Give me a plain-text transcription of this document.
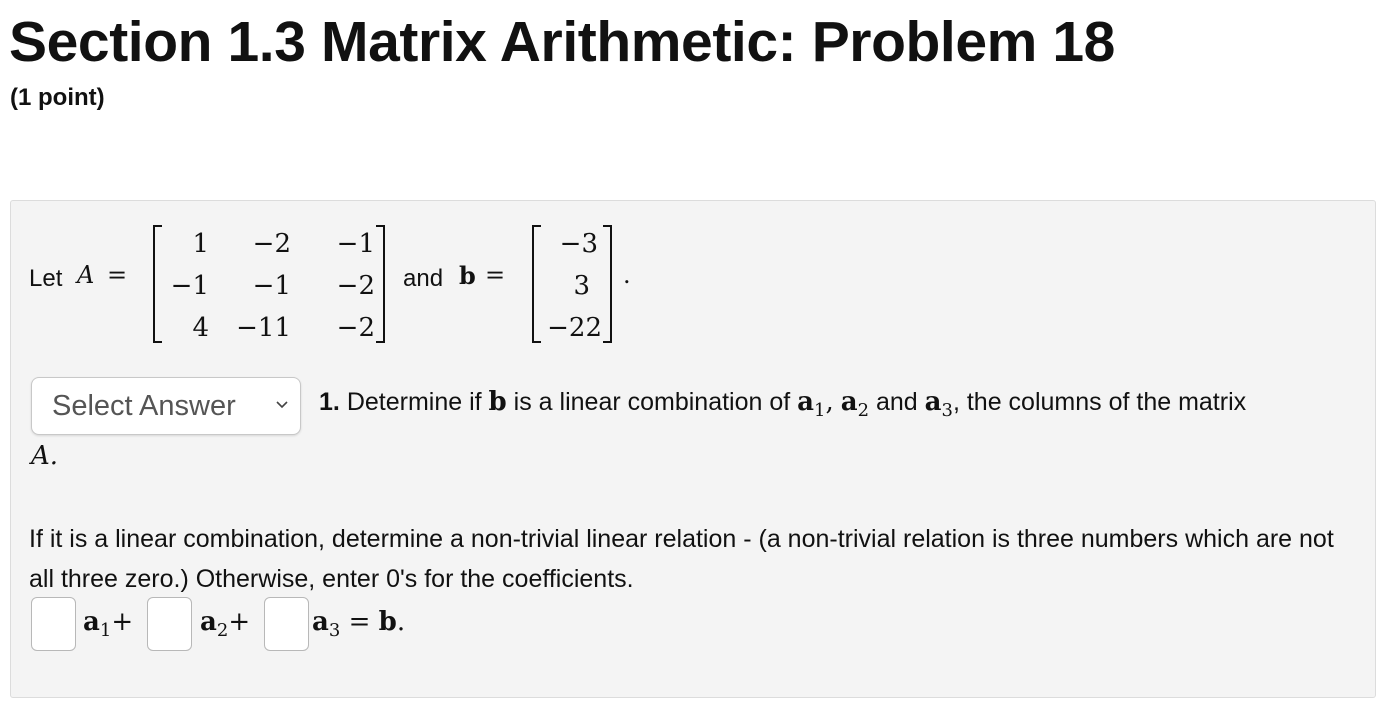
Section 1.3 Matrix Arithmetic: Problem 18
(1 point)
Let A =
1 −2 −1
−1 −1 −2
4 −11 −2
and b =
−3
3
−22
.
Select Answer	1. Determine if b is a linear combination of $a_1$, $a_2$ and $a_3$, the columns of the matrix
A.
If it is a linear combination, determine a non-trivial linear relation - (a non-trivial relation is three numbers which are not all three zero.) Otherwise, enter 0's for the coefficients.
$a_1+$	$a_2+ a_3 = b$.
